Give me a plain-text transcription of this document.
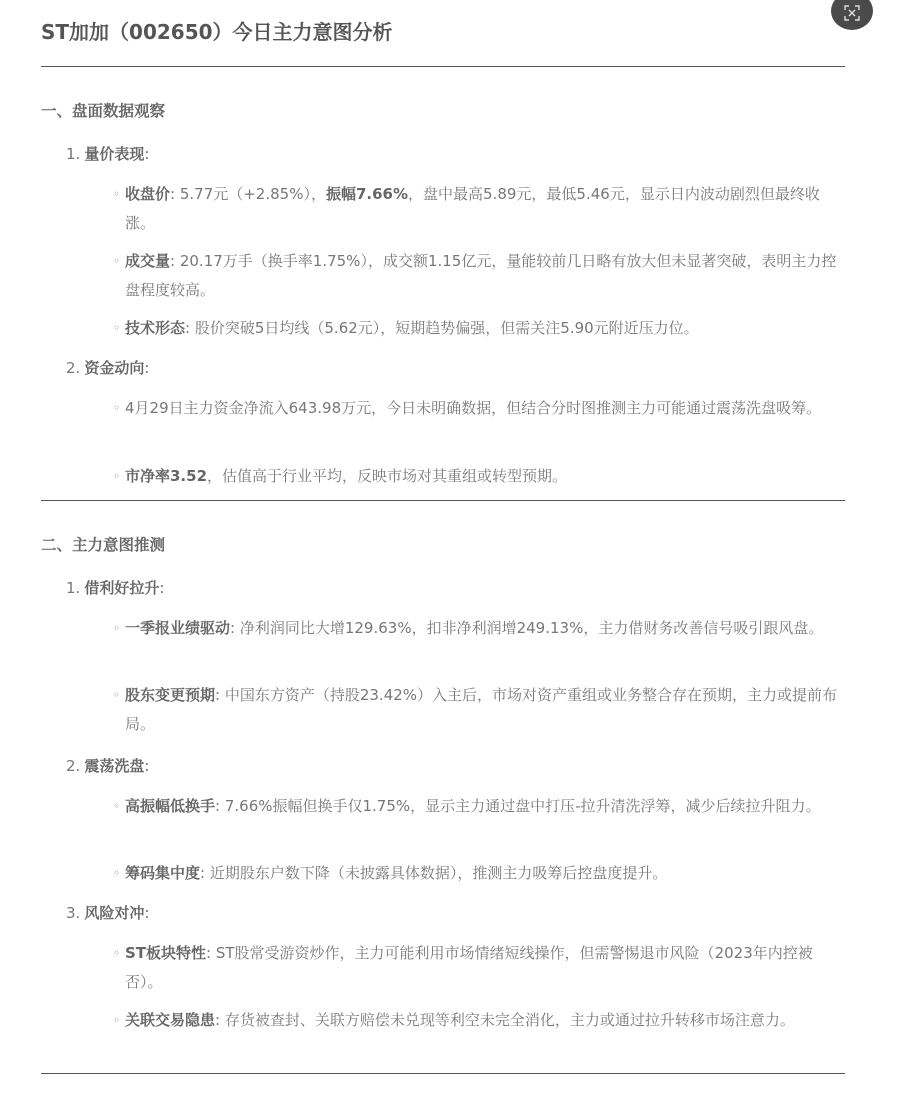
ST加加（002650）今日主力意图分析
一、盘面数据观察
1. 量价表现:
◦ 收盘价: 5.77元（+2.85%），振幅7.66%，盘中最高5.89元，最低5.46元，显示日内波动剧烈但最终收涨。
◦ 成交量: 20.17万手（换手率1.75%），成交额1.15亿元，量能较前几日略有放大但未显著突破，表明主力控盘程度较高。
◦ 技术形态: 股价突破5日均线（5.62元），短期趋势偏强，但需关注5.90元附近压力位。
2. 资金动向:
◦ 4月29日主力资金净流入643.98万元，今日未明确数据，但结合分时图推测主力可能通过震荡洗盘吸筹。
◦ 市净率3.52，估值高于行业平均，反映市场对其重组或转型预期。
二、主力意图推测
1. 借利好拉升:
◦ 一季报业绩驱动: 净利润同比大增129.63%，扣非净利润增249.13%，主力借财务改善信号吸引跟风盘。
◦ 股东变更预期: 中国东方资产（持股23.42%）入主后，市场对资产重组或业务整合存在预期，主力或提前布局。
2. 震荡洗盘:
◦ 高振幅低换手: 7.66%振幅但换手仅1.75%，显示主力通过盘中打压-拉升清洗浮筹，减少后续拉升阻力。
◦ 筹码集中度: 近期股东户数下降（未披露具体数据），推测主力吸筹后控盘度提升。
3. 风险对冲:
◦ ST板块特性: ST股常受游资炒作，主力可能利用市场情绪短线操作，但需警惕退市风险（2023年内控被否）。
◦ 关联交易隐患: 存货被查封、关联方赔偿未兑现等利空未完全消化，主力或通过拉升转移市场注意力。
